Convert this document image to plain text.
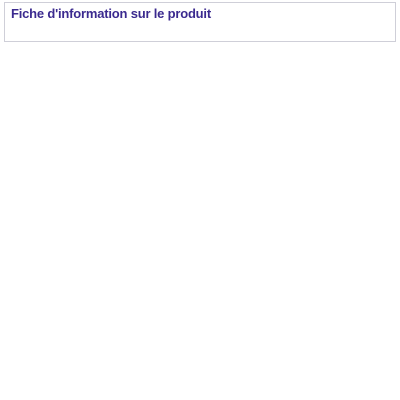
Fiche d'information sur le produit
